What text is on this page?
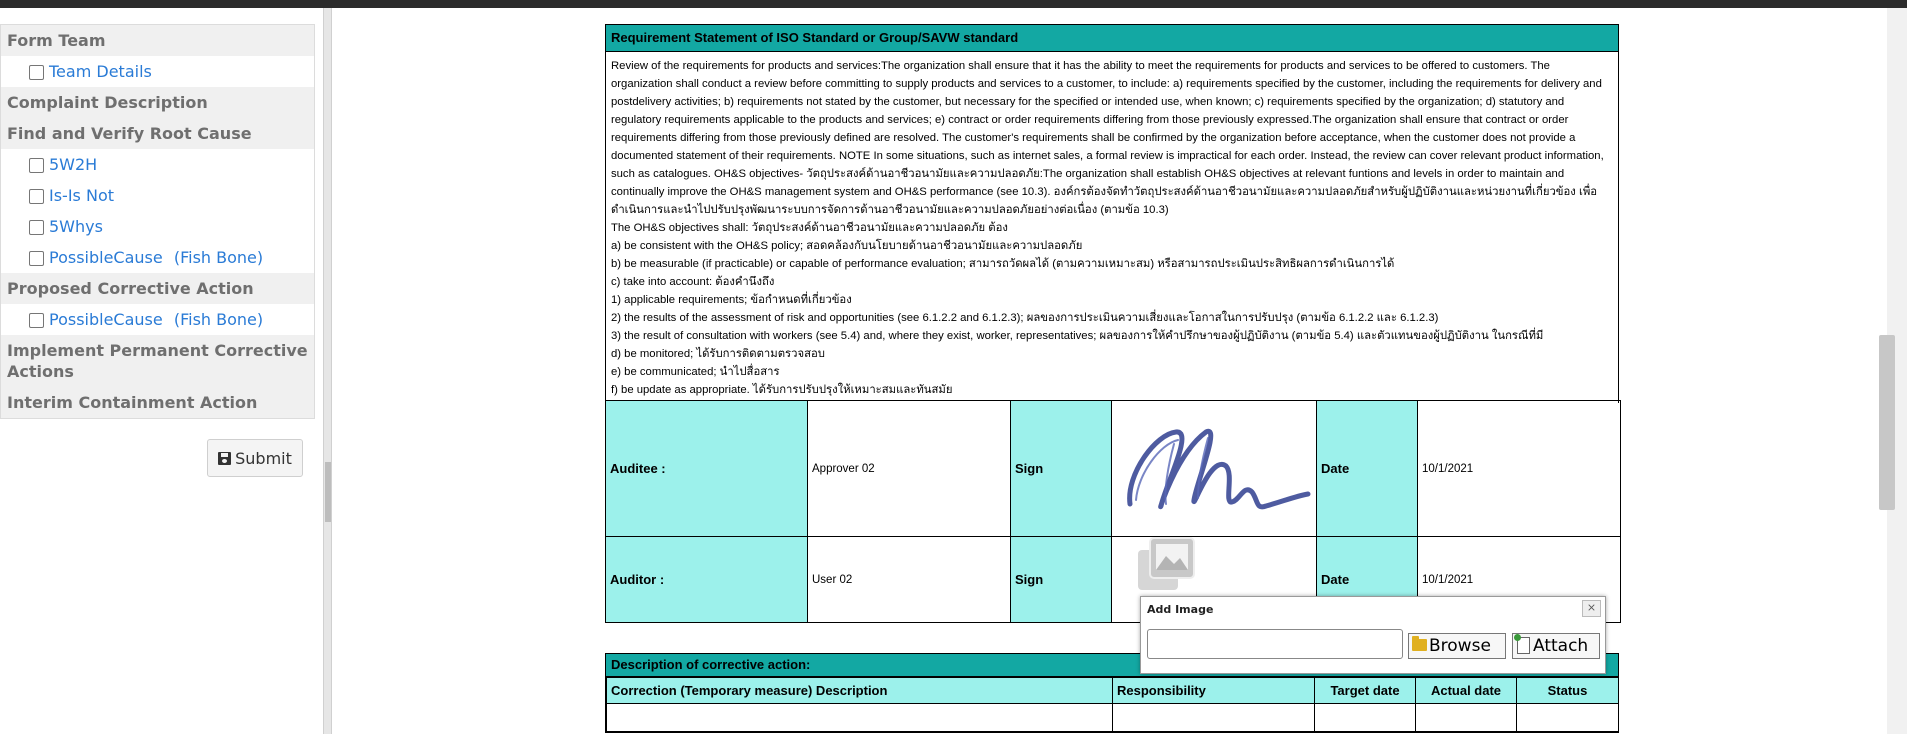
Form Team
Team Details
Complaint Description
Find and Verify Root Cause
5W2H
Is-Is Not
5Whys
PossibleCause (Fish Bone)
Proposed Corrective Action
PossibleCause (Fish Bone)
Implement Permanent Corrective Actions
Interim Containment Action
Submit
Requirement Statement of ISO Standard or Group/SAVW standard

Review of the requirements for products and services:The organization shall ensure that it has the ability to meet the requirements for products and services to be offered to customers. The organization shall conduct a review before committing to supply products and services to a customer, to include: a) requirements specified by the customer, including the requirements for delivery and postdelivery activities; b) requirements not stated by the customer, but necessary for the specified or intended use, when known; c) requirements specified by the organization; d) statutory and regulatory requirements applicable to the products and services; e) contract or order requirements differing from those previously expressed.The organization shall ensure that contract or order requirements differing from those previously defined are resolved. The customer's requirements shall be confirmed by the organization before acceptance, when the customer does not provide a documented statement of their requirements. NOTE In some situations, such as internet sales, a formal review is impractical for each order. Instead, the review can cover relevant product information, such as catalogues. OH&S objectives- วัตถุประสงค์ด้านอาชีวอนามัยและความปลอดภัย:The organization shall establish OH&S objectives at relevant funtions and levels in order to maintain and continually improve the OH&S management system and OH&S performance (see 10.3). องค์กรต้องจัดทำวัตถุประสงค์ด้านอาชีวอนามัยและความปลอดภัยสำหรับผู้ปฏิบัติงานและหน่วยงานที่เกี่ยวข้อง เพื่อดำเนินการและนำไปปรับปรุงพัฒนาระบบการจัดการด้านอาชีวอนามัยและความปลอดภัยอย่างต่อเนื่อง (ตามข้อ 10.3)

The OH&S objectives shall: วัตถุประสงค์ด้านอาชีวอนามัยและความปลอดภัย ต้อง

a) be consistent with the OH&S policy; สอดคล้องกับนโยบายด้านอาชีวอนามัยและความปลอดภัย

b) be measurable (if practicable) or capable of performance evaluation; สามารถวัดผลได้ (ตามความเหมาะสม) หรือสามารถประเมินประสิทธิผลการดำเนินการได้

c) take into account: ต้องคำนึงถึง

1) applicable requirements; ข้อกำหนดที่เกี่ยวข้อง

2) the results of the assessment of risk and opportunities (see 6.1.2.2 and 6.1.2.3); ผลของการประเมินความเสี่ยงและโอกาสในการปรับปรุง (ตามข้อ 6.1.2.2 และ 6.1.2.3)

3) the result of consultation with workers (see 5.4) and, where they exist, worker, representatives; ผลของการให้คำปรึกษาของผู้ปฏิบัติงาน (ตามข้อ 5.4) และตัวแทนของผู้ปฏิบัติงาน ในกรณีที่มี

d) be monitored; ได้รับการติดตามตรวจสอบ

e) be communicated; นำไปสื่อสาร

f) be update as appropriate. ได้รับการปรับปรุงให้เหมาะสมและทันสมัย

Auditee :	Approver 02	Sign		Date	10/1/2021
Auditor :	User 02	Sign		Date	10/1/2021
Description of corrective action:
Correction (Temporary measure) Description	Responsibility	Target date	Actual date	Status

Add Image	×
Browse	Attach
